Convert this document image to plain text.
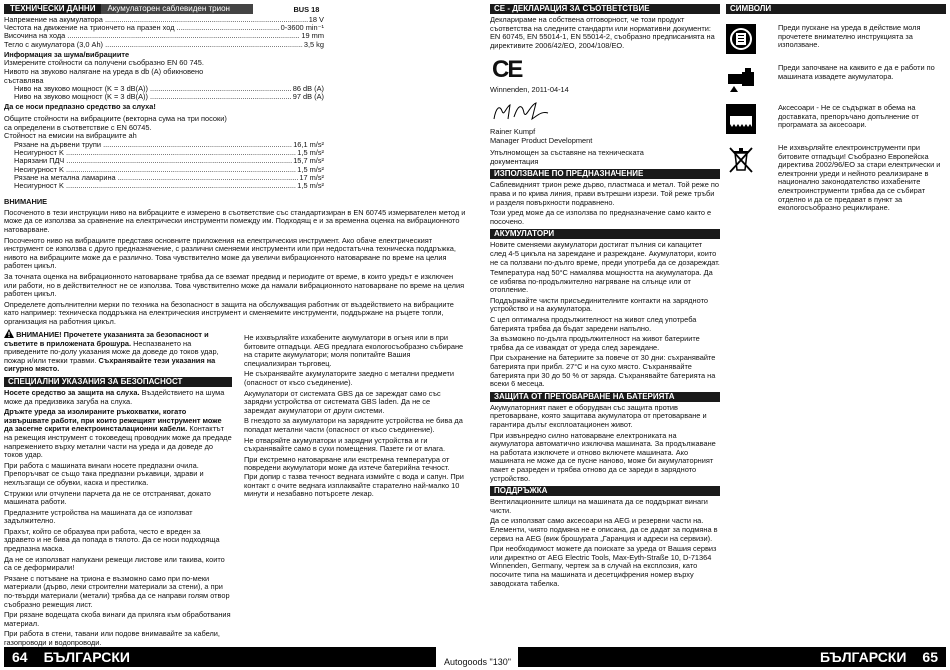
ТЕХНИЧЕСКИ ДАННИ	Акумулаторен саблевиден трион	BUS 18
Напрежение на акумулатора .....	18 V
Честота на движение на триончето на празен ход .....	0-3600 min⁻¹
Височина на хода .....	19 mm
Тегло с акумулатора (3,0 Ah) .....	3,5 kg
Информация за шума/вибрациите
Измерените стойности са получени съобразно EN 60 745.
Нивото на звуково налягане на уреда в db (A) обикновено съставлява
Ниво на звуково мощност (K = 3 dB(A)) .....	86 dB (A)
Ниво на звуково мощност (K = 3 dB(A)) .....	97 dB (A)
Да се носи предпазно средство за слуха!
Общите стойности на вибрациите (векторна сума на три посоки) са определени в съответствие с EN 60745.
Стойност на емисии на вибрациите ah
Рязане на дървени трупи .....	16,1 m/s²
Несигурност K .....	1,5 m/s²
Нарязани ПДЧ .....	15,7 m/s²
Несигурност K .....	1,5 m/s²
Рязане на метална ламарина .....	17 m/s²
Несигурност K .....	1,5 m/s²
ВНИМАНИЕ
Посоченото в тези инструкции ниво на вибрациите е измерено в съответствие със стандартизиран в EN 60745 измервателен метод и може да се използва за сравнение на електрически инструменти помежду им. Подходящ е и за временна оценка на вибрационното натоварване.
Посоченото ниво на вибрациите представя основните приложения на електрическия инструмент. Ако обаче електрическият инструмент се използва с друго предназначение, с различни сменяеми инструменти или при недостатъчна техническа поддръжка, нивото на вибрациите може да е различно. Това чувствително може да увеличи вибрационното натоварване по време на целия работен цикъл.
За точната оценка на вибрационното натоварване трябва да се вземат предвид и периодите от време, в които уредът е изключен или работи, но в действителност не се използва. Това чувствително може да намали вибрационното натоварване по време на целия работен цикъл.
Определете допълнителни мерки по техника на безопасност в защита на обслужващия работник от въздействието на вибрациите като например: техническа поддръжка на електрическия инструмент и сменяемите инструменти, поддържане на ръцете топли, организация на работния цикъл.
ВНИМАНИЕ! Прочетете указанията за безопасност и съветите в приложената брошура. Неспазването на приведените по-долу указания може да доведе до токов удар, пожар и/или тежки травми. Съхранявайте тези указания на сигурно място.
СПЕЦИАЛНИ УКАЗАНИЯ ЗА БЕЗОПАСНОСТ
Носете средство за защита на слуха. Въздействието на шума може да предизвика загуба на слуха.
Дръжте уреда за изолираните ръкохватки, когато извършвате работи, при които режещият инструмент може да засегне скрити електроинсталационни кабели. Контактът на режещия инструмент с токоведещ проводник може да предаде напрежението върху метални части на уреда и да доведе до токов удар.
При работа с машината винаги носете предпазни очила. Препоръчват се също така предпазни ръкавици, здрави и нехлъзгащи се обувки, каска и престилка.
Стружки или отчупени парчета да не се отстраняват, докато машината работи.
Предпазните устройства на машината да се използват задължително.
Прахът, който се образува при работа, често е вреден за здравето и не бива да попада в тялото. Да се носи подходяща предпазна маска.
Да не се използват напукани режещи листове или такива, които са се деформирали!
Рязане с потъване на триона е възможно само при по-меки материали (дърво, леки строителни материали за стени), а при по-твърди материали (метали) трябва да се направи голям отвор съобразно режещия лист.
При рязане водещата скоба винаги да приляга към обработвания материал.
При работа в стени, тавани или подове внимавайте за кабели, газопроводи и водопроводи.
Не изхвърляйте изхабените акумулатори в огъня или в при битовите отпадъци. AEG предлага екологосъобразно събиране на старите акумулатори; моля попитайте Вашия специализиран търговец.
Не съхранявайте акумулаторите заедно с метални предмети (опасност от късо съединение).
Акумулатори от системата GBS да се зареждат само със зарядни устройства от системата GBS laden. Да не се зареждат акумулатори от други системи.
В гнездото за акумулатори на зарядните устройства не бива да попадат метални части (опасност от късо съединение).
Не отваряйте акумулатори и зарядни устройства и ги съхранявайте само в сухи помещения. Пазете ги от влага.
При екстремно натоварване или екстремна температура от повредени акумулатори може да изтече батерийна течност. При допир с тазва течност веднага измийте с вода и сапун. При контакт с очите веднага изплаквайте старателно най-малко 10 минути и незабавно потърсете лекар.
СЕ - ДЕКЛАРАЦИЯ ЗА СЪОТВЕТСТВИЕ
Декларираме на собствена отговорност, че този продукт съответства на следните стандарти или нормативни документи: EN 60745, EN 55014-1, EN 55014-2, съобразно предписанията на директивите 2006/42/EO, 2004/108/EO.
CE
Winnenden, 2011-04-14
Rainer Kumpf
Manager Product Development
Упълномощен за съставяне на техническата документация
ИЗПОЛЗВАНЕ ПО ПРЕДНАЗНАЧЕНИЕ
Саблевидният трион реже дърво, пластмаса и метал. Той реже по права и по крива линия, прави вътрешни изрези. Той реже тръби и разделя повърхности подравнено.
Този уред може да се използва по предназначение само както е посочено.
АКУМУЛАТОРИ
Новите сменяеми акумулатори достигат пълния си капацитет след 4-5 цикъла на зареждане и разреждане. Акумулатори, които не са ползвани по-дълго време, преди употреба да се дозареждат.
Температура над 50°C намалява мощността на акумулатора. Да се избягва по-продължително нагряване на слънце или от отопление.
Поддържайте чисти присъединителните контакти на зарядното устройство и на акумулатора.
С цел оптимална продължителност на живот след употреба батерията трябва да бъдат заредени напълно.
За възможно по-дълга продължителност на живот батериите трябва да се изваждат от уреда след зареждане.
При съхранение на батериите за повече от 30 дни: съхранявайте батерията при прибл. 27°C и на сухо място. Съхранявайте батерията при 30 до 50 % от заряда. Съхранявайте батерията на всеки 6 месеца.
ЗАЩИТА ОТ ПРЕТОВАРВАНЕ НА БАТЕРИЯТА
Акумулаторният пакет е оборудван със защита против претоварване, която защитава акумулатора от претоварване и гарантира дълъг експлоатационен живот.
При извънредно силно натоварване електрониката на акумулатора автоматично изключва машината. За продължаване на работата изключете и отново включете машината. Ако машината не може да се пусне наново, може би акумулаторният пакет е разреден и трябва отново да се зареди в зарядното устройство.
ПОДДРЪЖКА
Вентилационните шлици на машината да се поддържат винаги чисти.
Да се използват само аксесоари на AEG и резервни части на. Елементи, чиято подмяна не е описана, да се дадат за подмяна в сервиз на AEG (виж брошурата „Гаранция и адреси на сервизи).
При необходимост можете да поискате за уреда от Вашия сервиз или директно от AEG Electric Tools, Max-Eyth-Straße 10, D-71364 Winnenden, Germany, чертеж за в случай на експлозия, като посочите типа на машината и десетцифрения номер върху заводската табелка.
СИМВОЛИ
Преди пускане на уреда в действие моля прочетете внимателно инструкцията за използване.
Преди започване на каквито е да е работи по машината извадете акумулатора.
Аксесоари - Не се съдържат в обема на доставката, препоръчано допълнение от програмата за аксесоари.
Не изхвърляйте електроинструменти при битовите отпадъци! Съобразно Европейска директива 2002/96/ЕО за стари електрически и електронни уреди и нейното реализиране в национално законодателство изхабените електроинструменти трябва да се събират отделно и да се предават в пункт за екологосъобразно рециклиране.
64 БЪЛГАРСКИ	Autogoods "130"	БЪЛГАРСКИ 65
